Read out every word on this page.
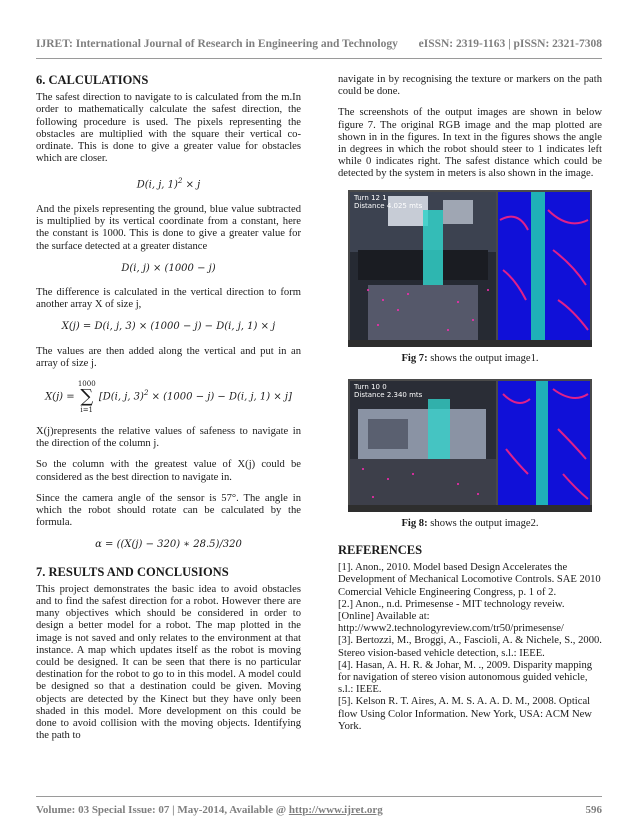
IJRET: International Journal of Research in Engineering and Technology eISSN: 2319-1163 | pISSN: 2321-7308
6. CALCULATIONS

The safest direction to navigate to is calculated from the m.In order to mathematically calculate the safest direction, the following procedure is used. The pixels representing the obstacles are multiplied with the square their vertical co-ordinate. This is done to give a greater value for obstacles which are closer.

D(i, j, 1)$^2$ × j

And the pixels representing the ground, blue value subtracted is multiplied by its vertical coordinate from a constant, here the constant is 1000. This is done to give a greater value for the surface detected at a greater distance

D(i, j) × (1000 − j)

The difference is calculated in the vertical direction to form another array X of size j,

X(j) = D(i, j, 3) × (1000 − j) − D(i, j, 1) × j

The values are then added along the vertical and put in an array of size j.

X(j) =
1000
∑
i=1
[D(i, j, 3)$^2$ × (1000 − j) − D(i, j, 1) × j]

X(j)represents the relative values of safeness to navigate in the direction of the column j.

So the column with the greatest value of X(j) could be considered as the best direction to navigate in.

Since the camera angle of the sensor is 57°. The angle in which the robot should rotate can be calculated by the formula.

α = ((X(j) − 320) ∗ 28.5)/320
7. RESULTS AND CONCLUSIONS

This project demonstrates the basic idea to avoid obstacles and to find the safest direction for a robot. However there are many objectives which should be considered in order to design a better model for a robot. The map plotted in the image is not saved and only relates to the environment at that instance. A map which updates itself as the robot is moving could be designed. It can be seen that there is no particular destination for the robot to go to in this model. A model could be designed so that a destination could be given. Moving objects are detected by the Kinect but they have only been shaded in this model. More development on this could be done to avoid collision with the moving objects. Identifying the path to

navigate in by recognising the texture or markers on the path could be done.

The screenshots of the output images are shown in below figure 7. The original RGB image and the map plotted are shown in in the figures. In text in the figures shows the angle in degrees in which the robot should steer to 1 indicates left while 0 indicates right. The safest distance which could be detected by the system in meters is also shown in the image.

Turn 12 1
Distance 4.025 mts
Fig 7: shows the output image1.
Turn 10 0
Distance 2.340 mts
Fig 8: shows the output image2.
REFERENCES

[1]. Anon., 2010. Model based Design Accelerates the Development of Mechanical Locomotive Controls. SAE 2010 Comercial Vehicle Engineering Congress, p. 1 of 2.

[2.] Anon., n.d. Primesense - MIT technology reveiw. [Online] Available at: http://www2.technologyreview.com/tr50/primesense/

[3]. Bertozzi, M., Broggi, A., Fascioli, A. & Nichele, S., 2000. Stereo vision-based vehicle detection, s.l.: IEEE.

[4]. Hasan, A. H. R. & Johar, M. ., 2009. Disparity mapping for navigation of stereo vision autonomous guided vehicle, s.l.: IEEE.

[5]. Kelson R. T. Aires, A. M. S. A. A. D. M., 2008. Optical flow Using Color Information. New York, USA: ACM New York.

Volume: 03 Special Issue: 07 | May-2014, Available @ http://www.ijret.org	596
